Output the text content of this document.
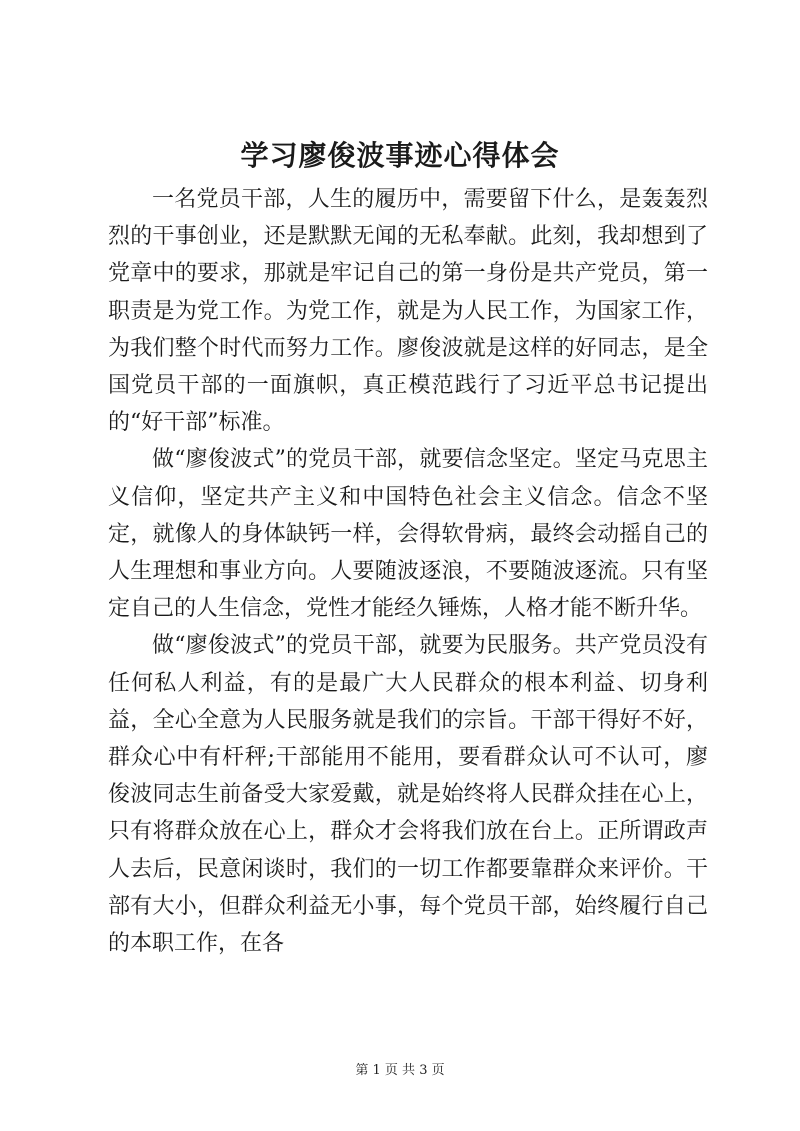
学习廖俊波事迹心得体会

一名党员干部，人生的履历中，需要留下什么，是轰轰烈烈的干事创业，还是默默无闻的无私奉献。此刻，我却想到了党章中的要求，那就是牢记自己的第一身份是共产党员，第一职责是为党工作。为党工作，就是为人民工作，为国家工作，为我们整个时代而努力工作。廖俊波就是这样的好同志，是全国党员干部的一面旗帜，真正模范践行了习近平总书记提出的“好干部”标准。

做“廖俊波式”的党员干部，就要信念坚定。坚定马克思主义信仰，坚定共产主义和中国特色社会主义信念。信念不坚定，就像人的身体缺钙一样，会得软骨病，最终会动摇自己的人生理想和事业方向。人要随波逐浪，不要随波逐流。只有坚定自己的人生信念，党性才能经久锤炼，人格才能不断升华。

做“廖俊波式”的党员干部，就要为民服务。共产党员没有任何私人利益，有的是最广大人民群众的根本利益、切身利益，全心全意为人民服务就是我们的宗旨。干部干得好不好，群众心中有杆秤;干部能用不能用，要看群众认可不认可，廖俊波同志生前备受大家爱戴，就是始终将人民群众挂在心上，只有将群众放在心上，群众才会将我们放在台上。正所谓政声人去后，民意闲谈时，我们的一切工作都要靠群众来评价。干部有大小，但群众利益无小事，每个党员干部，始终履行自己的本职工作，在各

第 1 页 共 3 页
